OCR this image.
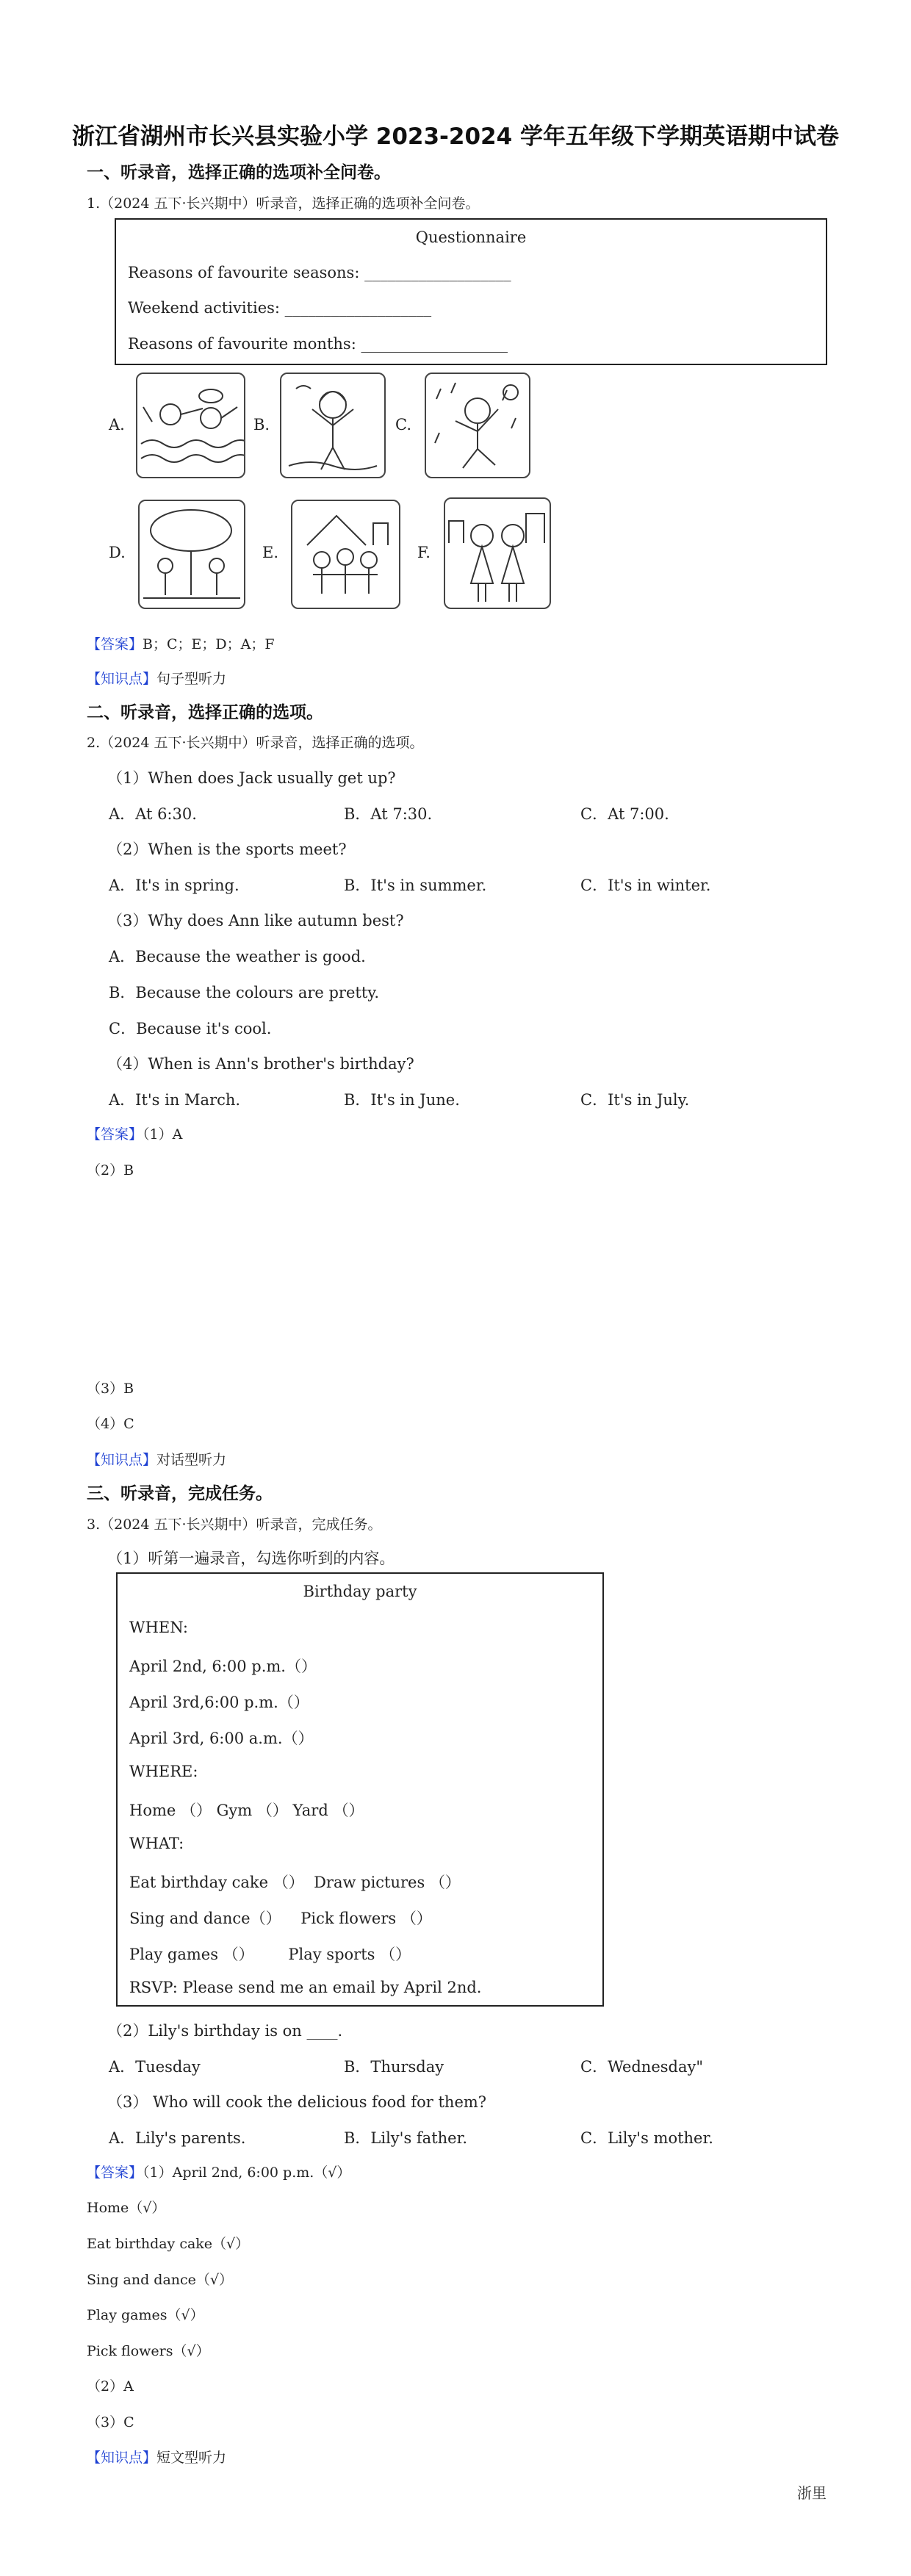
浙江省湖州市长兴县实验小学 2023-2024 学年五年级下学期英语期中试卷
一、听录音，选择正确的选项补全问卷。
1.（2024 五下·长兴期中）听录音，选择正确的选项补全问卷。
Questionnaire
Reasons of favourite seasons: ___________________
Weekend activities: ___________________
Reasons of favourite months: ___________________
A.	B.	C.
D.	E.	F.
【答案】B；C；E；D；A；F
【知识点】句子型听力
二、听录音，选择正确的选项。
2.（2024 五下·长兴期中）听录音，选择正确的选项。
（1）When does Jack usually get up?
A．At 6:30.	B．At 7:30.	C．At 7:00.
（2）When is the sports meet?
A．It's in spring.	B．It's in summer.	C．It's in winter.
（3）Why does Ann like autumn best?
A．Because the weather is good.
B．Because the colours are pretty.
C．Because it's cool.
（4）When is Ann's brother's birthday?
A．It's in March.	B．It's in June.	C．It's in July.
【答案】（1）A
（2）B
（3）B
（4）C
【知识点】对话型听力
三、听录音，完成任务。
3.（2024 五下·长兴期中）听录音，完成任务。
（1）听第一遍录音，勾选你听到的内容。
Birthday party
WHEN:
April 2nd, 6:00 p.m.（）
April 3rd,6:00 p.m.（）
April 3rd, 6:00 a.m.（）
WHERE:
Home （） Gym （） Yard （）
WHAT:
Eat birthday cake （）  Draw pictures （）
Sing and dance（）    Pick flowers （）
Play games （）       Play sports （）
RSVP: Please send me an email by April 2nd.
（2）Lily's birthday is on ____.
A．Tuesday	B．Thursday	C．Wednesday"
（3） Who will cook the delicious food for them?
A．Lily's parents.	B．Lily's father.	C．Lily's mother.
【答案】（1）April 2nd, 6:00 p.m.（√）
Home（√）
Eat birthday cake（√）
Sing and dance（√）
Play games（√）
Pick flowers（√）
（2）A
（3）C
【知识点】短文型听力
浙里
